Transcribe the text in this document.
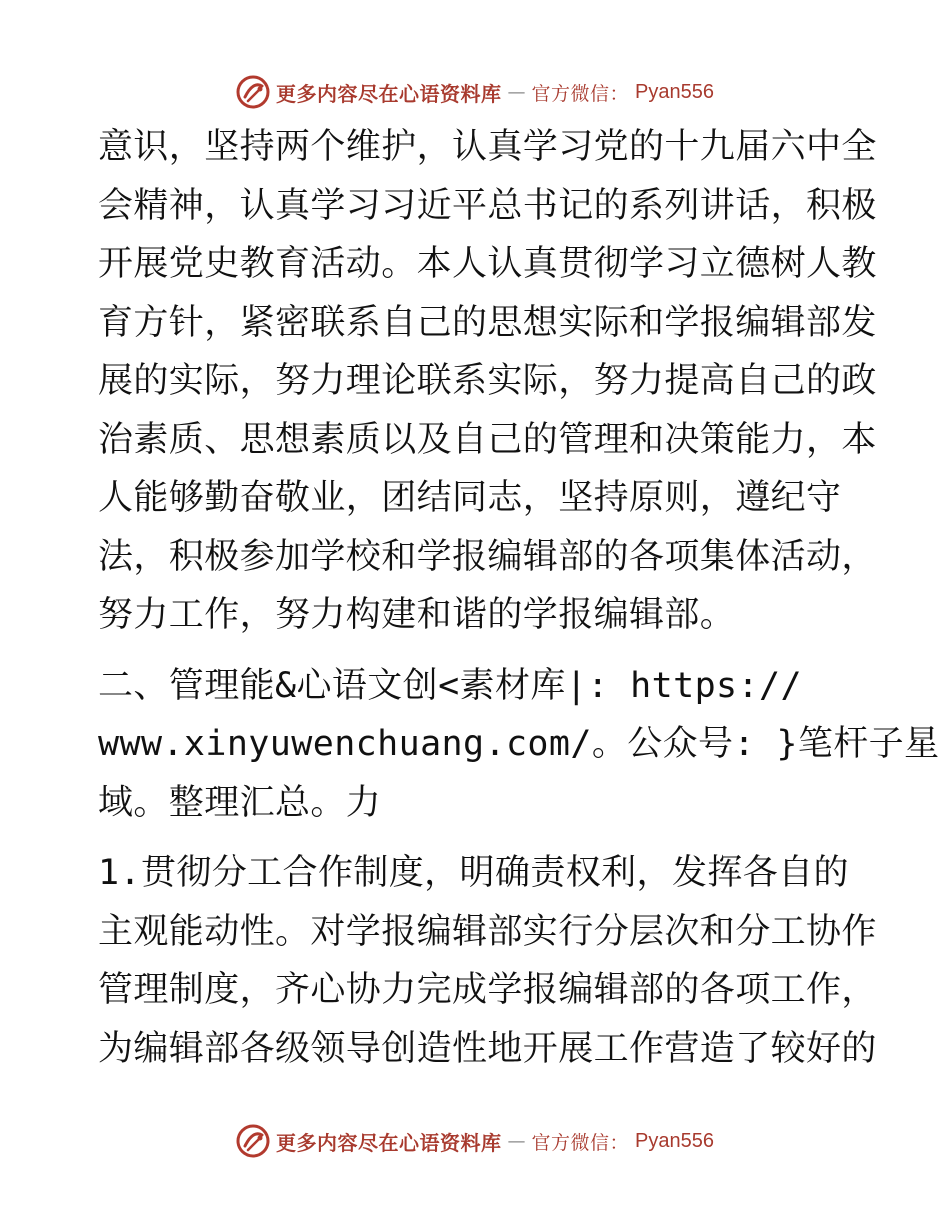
更多内容尽在心语资料库 — 官方微信： Pyan556
意识，坚持两个维护，认真学习党的十九届六中全
会精神，认真学习习近平总书记的系列讲话，积极
开展党史教育活动。本人认真贯彻学习立德树人教
育方针，紧密联系自己的思想实际和学报编辑部发
展的实际，努力理论联系实际，努力提高自己的政
治素质、思想素质以及自己的管理和决策能力，本
人能够勤奋敬业，团结同志，坚持原则，遵纪守
法，积极参加学校和学报编辑部的各项集体活动，
努力工作，努力构建和谐的学报编辑部。
二、管理能&心语文创<素材库|: https://
www.xinyuwenchuang.com/。公众号: }笔杆子星
域。整理汇总。力
1.贯彻分工合作制度，明确责权利，发挥各自的
主观能动性。对学报编辑部实行分层次和分工协作
管理制度，齐心协力完成学报编辑部的各项工作，
为编辑部各级领导创造性地开展工作营造了较好的
更多内容尽在心语资料库 — 官方微信： Pyan556
